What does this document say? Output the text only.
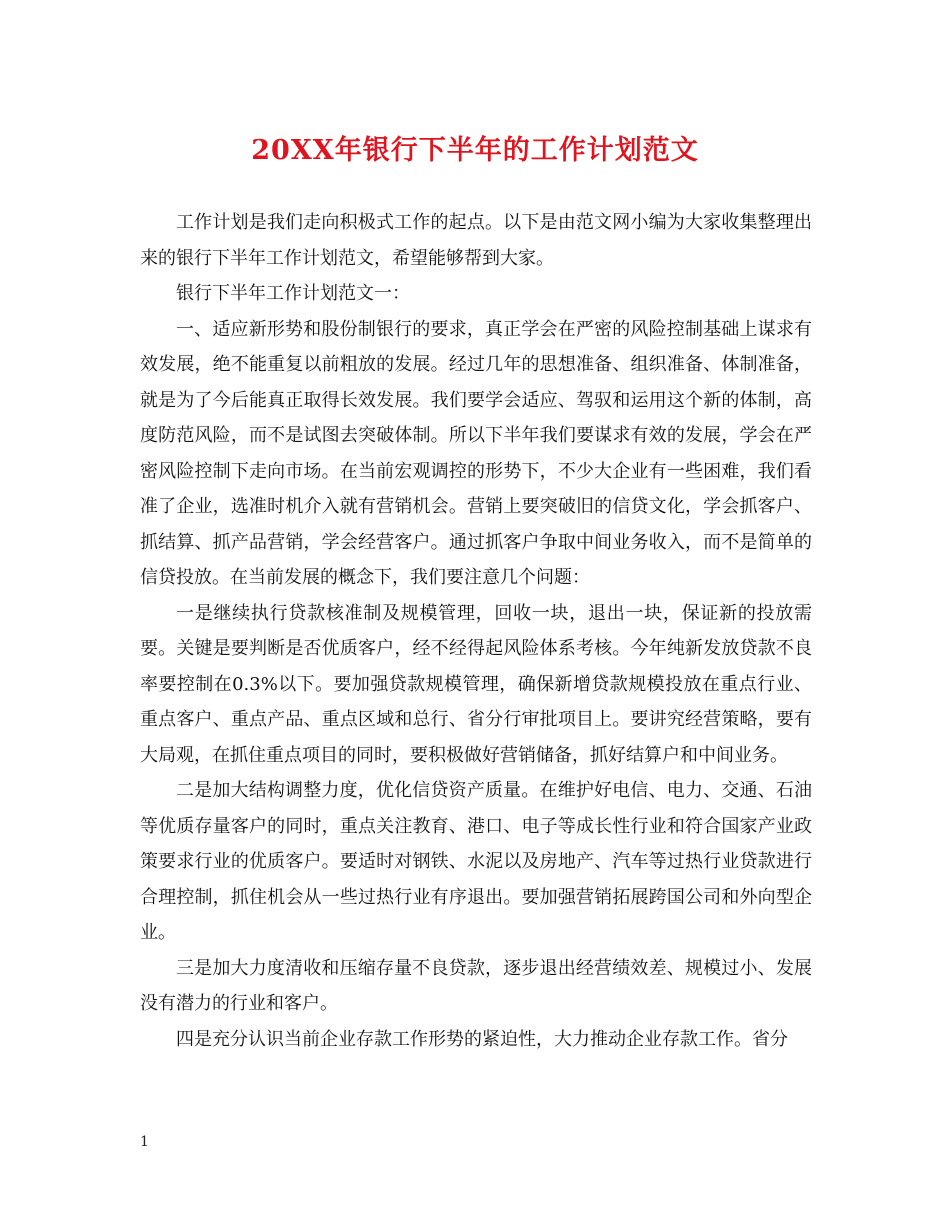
20XX年银行下半年的工作计划范文

工作计划是我们走向积极式工作的起点。以下是由范文网小编为大家收集整理出来的银行下半年工作计划范文，希望能够帮到大家。

银行下半年工作计划范文一：

一、适应新形势和股份制银行的要求，真正学会在严密的风险控制基础上谋求有效发展，绝不能重复以前粗放的发展。经过几年的思想准备、组织准备、体制准备，就是为了今后能真正取得长效发展。我们要学会适应、驾驭和运用这个新的体制，高度防范风险，而不是试图去突破体制。所以下半年我们要谋求有效的发展，学会在严密风险控制下走向市场。在当前宏观调控的形势下，不少大企业有一些困难，我们看准了企业，选准时机介入就有营销机会。营销上要突破旧的信贷文化，学会抓客户、抓结算、抓产品营销，学会经营客户。通过抓客户争取中间业务收入，而不是简单的信贷投放。在当前发展的概念下，我们要注意几个问题：

一是继续执行贷款核准制及规模管理，回收一块，退出一块，保证新的投放需要。关键是要判断是否优质客户，经不经得起风险体系考核。今年纯新发放贷款不良率要控制在0.3%以下。要加强贷款规模管理，确保新增贷款规模投放在重点行业、重点客户、重点产品、重点区域和总行、省分行审批项目上。要讲究经营策略，要有大局观，在抓住重点项目的同时，要积极做好营销储备，抓好结算户和中间业务。

二是加大结构调整力度，优化信贷资产质量。在维护好电信、电力、交通、石油等优质存量客户的同时，重点关注教育、港口、电子等成长性行业和符合国家产业政策要求行业的优质客户。要适时对钢铁、水泥以及房地产、汽车等过热行业贷款进行合理控制，抓住机会从一些过热行业有序退出。要加强营销拓展跨国公司和外向型企业。

三是加大力度清收和压缩存量不良贷款，逐步退出经营绩效差、规模过小、发展没有潜力的行业和客户。

四是充分认识当前企业存款工作形势的紧迫性，大力推动企业存款工作。省分

1
